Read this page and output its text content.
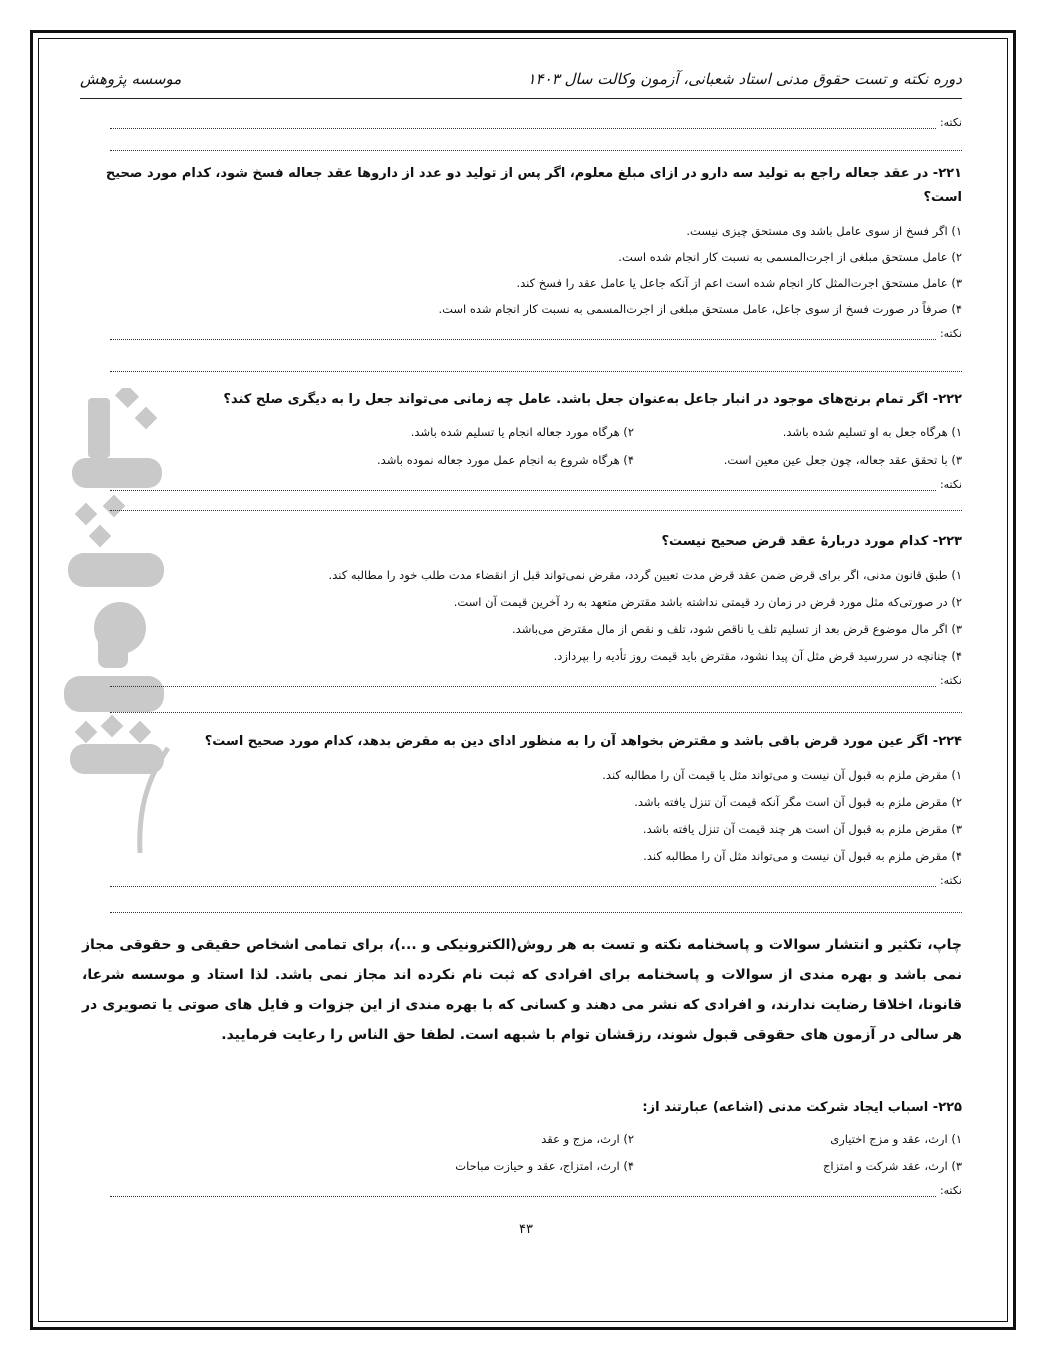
دوره نکته و تست حقوق مدنی استاد شعبانی، آزمون وکالت سال ۱۴۰۳
موسسه پژوهش
نکته:
۲۲۱- در عقد جعاله راجع به تولید سه دارو در ازای مبلغ معلوم، اگر پس از تولید دو عدد از داروها عقد جعاله فسخ شود، کدام مورد صحیح است؟
۱) اگر فسخ از سوی عامل باشد وی مستحق چیزی نیست.
۲) عامل مستحق مبلغی از اجرت‌المسمی به نسبت کار انجام شده است.
۳) عامل مستحق اجرت‌المثل کار انجام شده است اعم از آنکه جاعل یا عامل عقد را فسخ کند.
۴) صرفاً در صورت فسخ از سوی جاعل، عامل مستحق مبلغی از اجرت‌المسمی به نسبت کار انجام شده است.
نکته:
۲۲۲- اگر تمام برنج‌های موجود در انبار جاعل به‌عنوان جعل باشد. عامل چه زمانی می‌تواند جعل را به دیگری صلح کند؟
۱) هرگاه جعل به او تسلیم شده باشد.
۲) هرگاه مورد جعاله انجام یا تسلیم شده باشد.
۳) با تحقق عقد جعاله، چون جعل عین معین است.
۴) هرگاه شروع به انجام عمل مورد جعاله نموده باشد.
نکته:
۲۲۳- کدام مورد دربارهٔ عقد قرض صحیح نیست؟
۱) طبق قانون مدنی، اگر برای قرض ضمن عقد قرض مدت تعیین گردد، مقرض نمی‌تواند قبل از انقضاء مدت طلب خود را مطالبه کند.
۲) در صورتی‌که مثل مورد قرض در زمان رد قیمتی نداشته باشد مقترض متعهد به رد آخرین قیمت آن است.
۳) اگر مال موضوع قرض بعد از تسلیم تلف یا ناقص شود، تلف و نقص از مال مقترض می‌باشد.
۴) چنانچه در سررسید قرض مثل آن پیدا نشود، مقترض باید قیمت روز تأدیه را بپردازد.
نکته:
۲۲۴- اگر عین مورد قرض باقی باشد و مقترض بخواهد آن را به منظور ادای دین به مقرض بدهد، کدام مورد صحیح است؟
۱) مقرض ملزم به قبول آن نیست و می‌تواند مثل یا قیمت آن را مطالبه کند.
۲) مقرض ملزم به قبول آن است مگر آنکه قیمت آن تنزل یافته باشد.
۳) مقرض ملزم به قبول آن است هر چند قیمت آن تنزل یافته باشد.
۴) مقرض ملزم به قبول آن نیست و می‌تواند مثل آن را مطالبه کند.
نکته:
چاپ، تکثیر و انتشار سوالات و پاسخنامه نکته و تست به هر روش(الکترونیکی و ...)، برای تمامی اشخاص حقیقی و حقوقی مجاز نمی باشد و بهره مندی از سوالات و پاسخنامه برای افرادی که ثبت نام نکرده اند مجاز نمی باشد. لذا استاد و موسسه شرعا، قانونا، اخلاقا رضایت ندارند، و افرادی که نشر می دهند و کسانی که با بهره مندی از این جزوات و فایل های صوتی یا تصویری در هر سالی در آزمون های حقوقی قبول شوند، رزقشان توام با شبهه است. لطفا حق الناس را رعایت فرمایید.
۲۲۵- اسباب ایجاد شرکت مدنی (اشاعه) عبارتند از:
۱) ارث، عقد و مزج اختیاری
۲) ارث، مزج و عقد
۳) ارث، عقد شرکت و امتزاج
۴) ارث، امتزاج، عقد و حیازت مباحات
نکته:
۴۳
